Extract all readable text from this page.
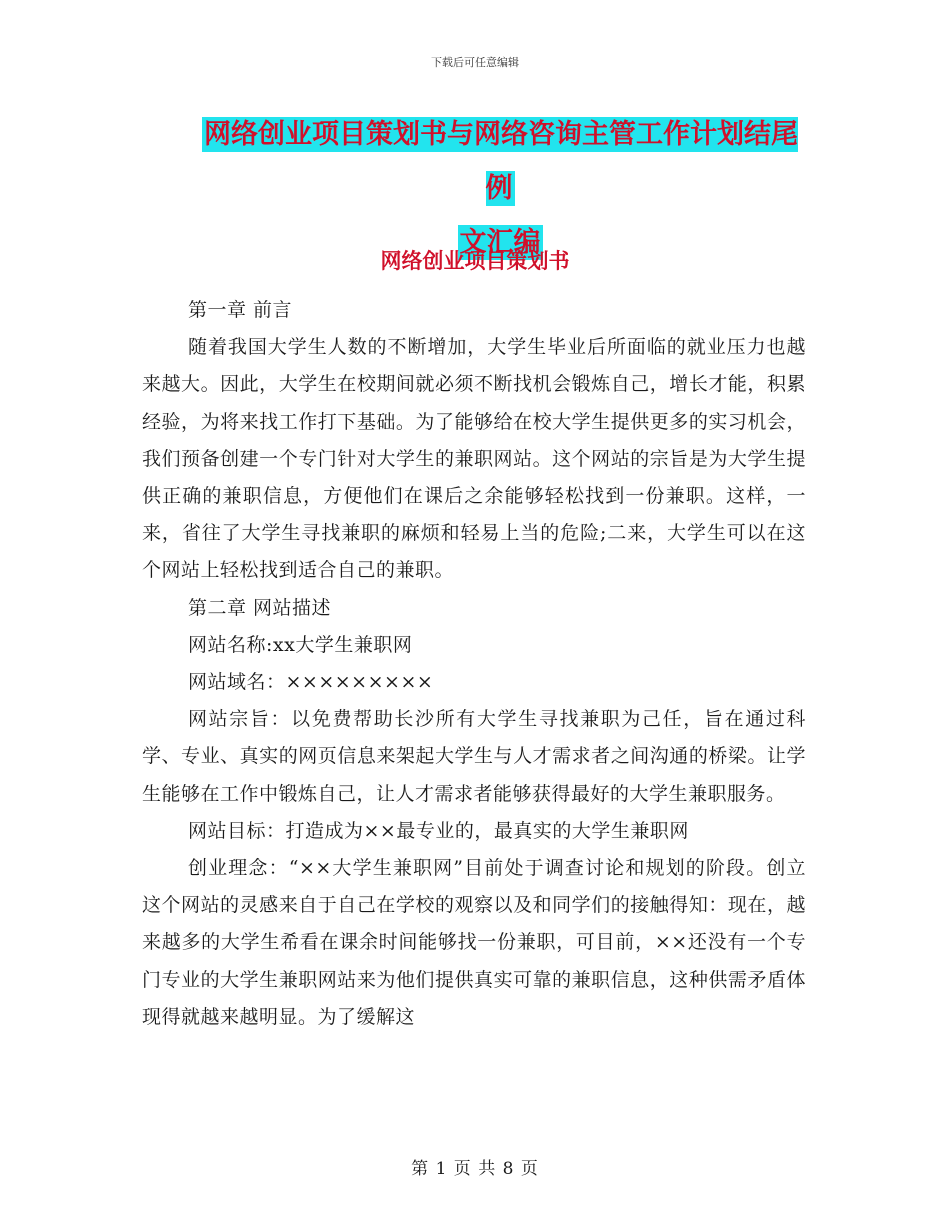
下载后可任意编辑
网络创业项目策划书与网络咨询主管工作计划结尾例
文汇编
网络创业项目策划书

第一章 前言

随着我国大学生人数的不断增加，大学生毕业后所面临的就业压力也越来越大。因此，大学生在校期间就必须不断找机会锻炼自己，增长才能，积累经验，为将来找工作打下基础。为了能够给在校大学生提供更多的实习机会，我们预备创建一个专门针对大学生的兼职网站。这个网站的宗旨是为大学生提供正确的兼职信息，方便他们在课后之余能够轻松找到一份兼职。这样，一来，省往了大学生寻找兼职的麻烦和轻易上当的危险;二来，大学生可以在这个网站上轻松找到适合自己的兼职。

第二章 网站描述

网站名称:xx大学生兼职网

网站域名：×××××××××

网站宗旨：以免费帮助长沙所有大学生寻找兼职为己任，旨在通过科学、专业、真实的网页信息来架起大学生与人才需求者之间沟通的桥梁。让学生能够在工作中锻炼自己，让人才需求者能够获得最好的大学生兼职服务。

网站目标：打造成为××最专业的，最真实的大学生兼职网

创业理念：“××大学生兼职网”目前处于调查讨论和规划的阶段。创立这个网站的灵感来自于自己在学校的观察以及和同学们的接触得知：现在，越来越多的大学生希看在课余时间能够找一份兼职，可目前，××还没有一个专门专业的大学生兼职网站来为他们提供真实可靠的兼职信息，这种供需矛盾体现得就越来越明显。为了缓解这

第 1 页 共 8 页
